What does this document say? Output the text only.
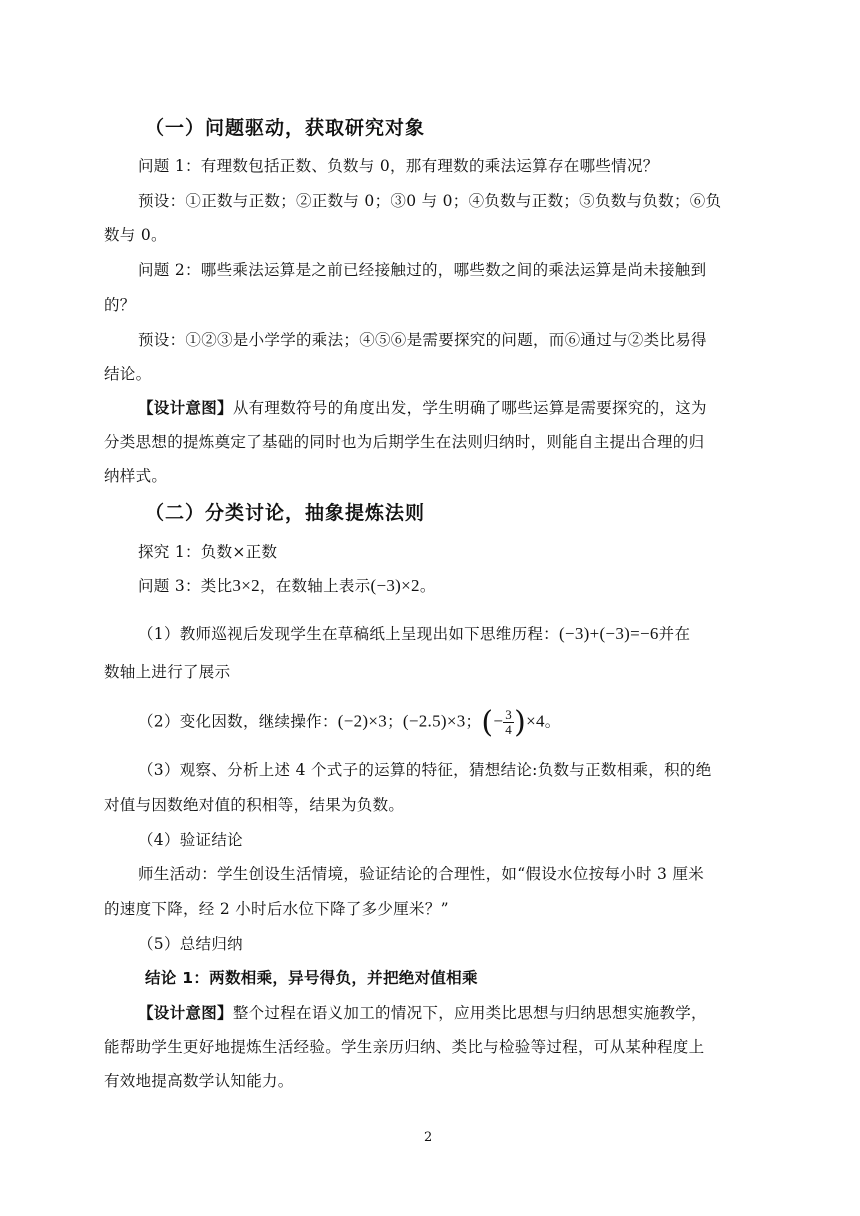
（一）问题驱动，获取研究对象
问题 1：有理数包括正数、负数与 0，那有理数的乘法运算存在哪些情况？
预设：①正数与正数；②正数与 0；③0 与 0；④负数与正数；⑤负数与负数；⑥负
数与 0。
问题 2：哪些乘法运算是之前已经接触过的，哪些数之间的乘法运算是尚未接触到
的？
预设：①②③是小学学的乘法；④⑤⑥是需要探究的问题，而⑥通过与②类比易得
结论。
【设计意图】从有理数符号的角度出发，学生明确了哪些运算是需要探究的，这为
分类思想的提炼奠定了基础的同时也为后期学生在法则归纳时，则能自主提出合理的归
纳样式。
（二）分类讨论，抽象提炼法则
探究 1：负数×正数
问题 3：类比3×2，在数轴上表示(−3)×2。
（1）教师巡视后发现学生在草稿纸上呈现出如下思维历程：(−3)+(−3)=−6并在
数轴上进行了展示
（2）变化因数，继续操作：(−2)×3；(−2.5)×3；(− $\frac{3}{4} )\times 4$。
（3）观察、分析上述 4 个式子的运算的特征，猜想结论:负数与正数相乘，积的绝
对值与因数绝对值的积相等，结果为负数。
（4）验证结论
师生活动：学生创设生活情境，验证结论的合理性，如“假设水位按每小时 3 厘米
的速度下降，经 2 小时后水位下降了多少厘米？”
（5）总结归纳
结论 1：两数相乘，异号得负，并把绝对值相乘
【设计意图】整个过程在语义加工的情况下，应用类比思想与归纳思想实施教学，
能帮助学生更好地提炼生活经验。学生亲历归纳、类比与检验等过程，可从某种程度上
有效地提高数学认知能力。
2
